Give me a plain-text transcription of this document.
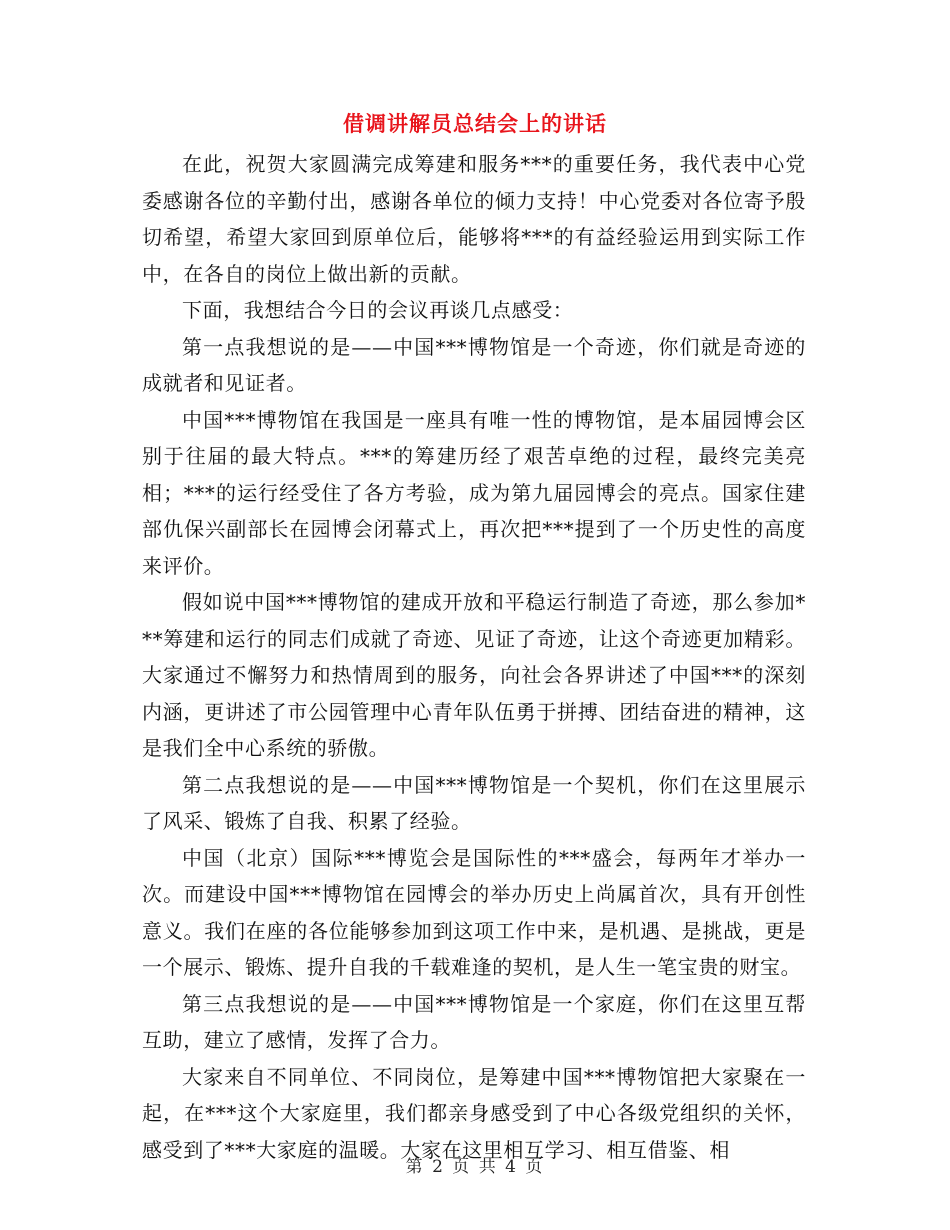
借调讲解员总结会上的讲话

在此，祝贺大家圆满完成筹建和服务***的重要任务，我代表中心党委感谢各位的辛勤付出，感谢各单位的倾力支持！中心党委对各位寄予殷切希望，希望大家回到原单位后，能够将***的有益经验运用到实际工作中，在各自的岗位上做出新的贡献。

下面，我想结合今日的会议再谈几点感受：

第一点我想说的是——中国***博物馆是一个奇迹，你们就是奇迹的成就者和见证者。

中国***博物馆在我国是一座具有唯一性的博物馆，是本届园博会区别于往届的最大特点。***的筹建历经了艰苦卓绝的过程，最终完美亮相；***的运行经受住了各方考验，成为第九届园博会的亮点。国家住建部仇保兴副部长在园博会闭幕式上，再次把***提到了一个历史性的高度来评价。

假如说中国***博物馆的建成开放和平稳运行制造了奇迹，那么参加***筹建和运行的同志们成就了奇迹、见证了奇迹，让这个奇迹更加精彩。大家通过不懈努力和热情周到的服务，向社会各界讲述了中国***的深刻内涵，更讲述了市公园管理中心青年队伍勇于拼搏、团结奋进的精神，这是我们全中心系统的骄傲。

第二点我想说的是——中国***博物馆是一个契机，你们在这里展示了风采、锻炼了自我、积累了经验。

中国（北京）国际***博览会是国际性的***盛会，每两年才举办一次。而建设中国***博物馆在园博会的举办历史上尚属首次，具有开创性意义。我们在座的各位能够参加到这项工作中来，是机遇、是挑战，更是一个展示、锻炼、提升自我的千载难逢的契机，是人生一笔宝贵的财宝。

第三点我想说的是——中国***博物馆是一个家庭，你们在这里互帮互助，建立了感情，发挥了合力。

大家来自不同单位、不同岗位，是筹建中国***博物馆把大家聚在一起，在***这个大家庭里，我们都亲身感受到了中心各级党组织的关怀，感受到了***大家庭的温暖。大家在这里相互学习、相互借鉴、相

第 2 页 共 4 页
